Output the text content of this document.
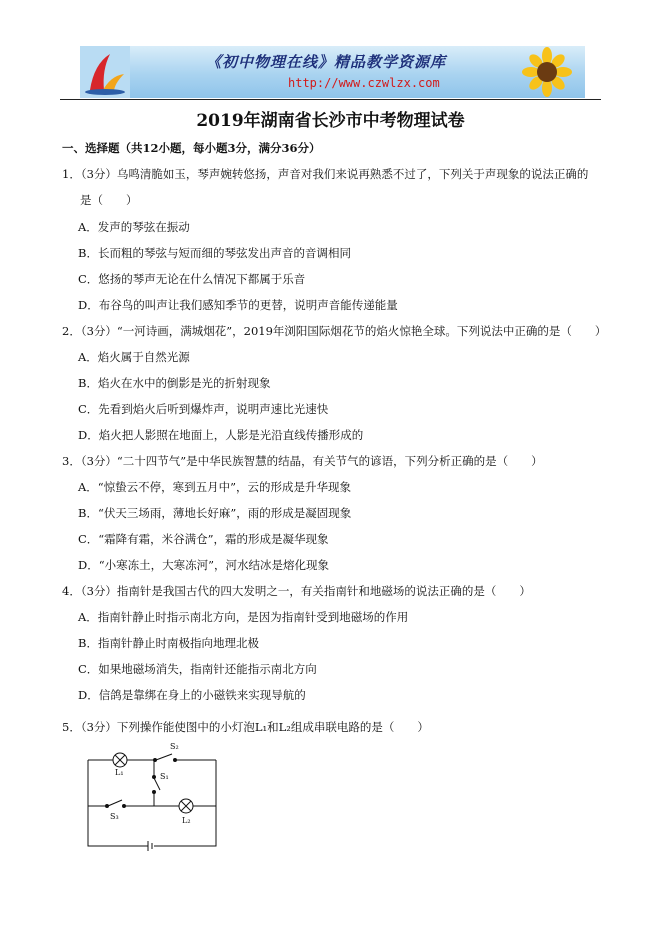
《初中物理在线》精品教学资源库
http://www.czwlzx.com
2019年湖南省长沙市中考物理试卷
一、选择题（共12小题，每小题3分，满分36分）
1．（3分）乌鸣清脆如玉，琴声婉转悠扬，声音对我们来说再熟悉不过了，下列关于声现象的说法正确的
是（　　）
A．发声的琴弦在振动
B．长而粗的琴弦与短而细的琴弦发出声音的音调相同
C．悠扬的琴声无论在什么情况下都属于乐音
D．布谷鸟的叫声让我们感知季节的更替，说明声音能传递能量
2．（3分）“一河诗画，满城烟花”，2019年浏阳国际烟花节的焰火惊艳全球。下列说法中正确的是（　　）
A．焰火属于自然光源
B．焰火在水中的倒影是光的折射现象
C．先看到焰火后听到爆炸声，说明声速比光速快
D．焰火把人影照在地面上，人影是光沿直线传播形成的
3．（3分）“二十四节气”是中华民族智慧的结晶，有关节气的谚语，下列分析正确的是（　　）
A．“惊蛰云不停，寒到五月中”，云的形成是升华现象
B．“伏天三场雨，薄地长好麻”，雨的形成是凝固现象
C．“霜降有霜，米谷满仓”，霜的形成是凝华现象
D．“小寒冻土，大寒冻河”，河水结冰是熔化现象
4．（3分）指南针是我国古代的四大发明之一，有关指南针和地磁场的说法正确的是（　　）
A．指南针静止时指示南北方向，是因为指南针受到地磁场的作用
B．指南针静止时南极指向地理北极
C．如果地磁场消失，指南针还能指示南北方向
D．信鸽是靠绑在身上的小磁铁来实现导航的
5．（3分）下列操作能使图中的小灯泡L₁和L₂组成串联电路的是（　　）
S₂
L₁	S₁
S₃	L₂
